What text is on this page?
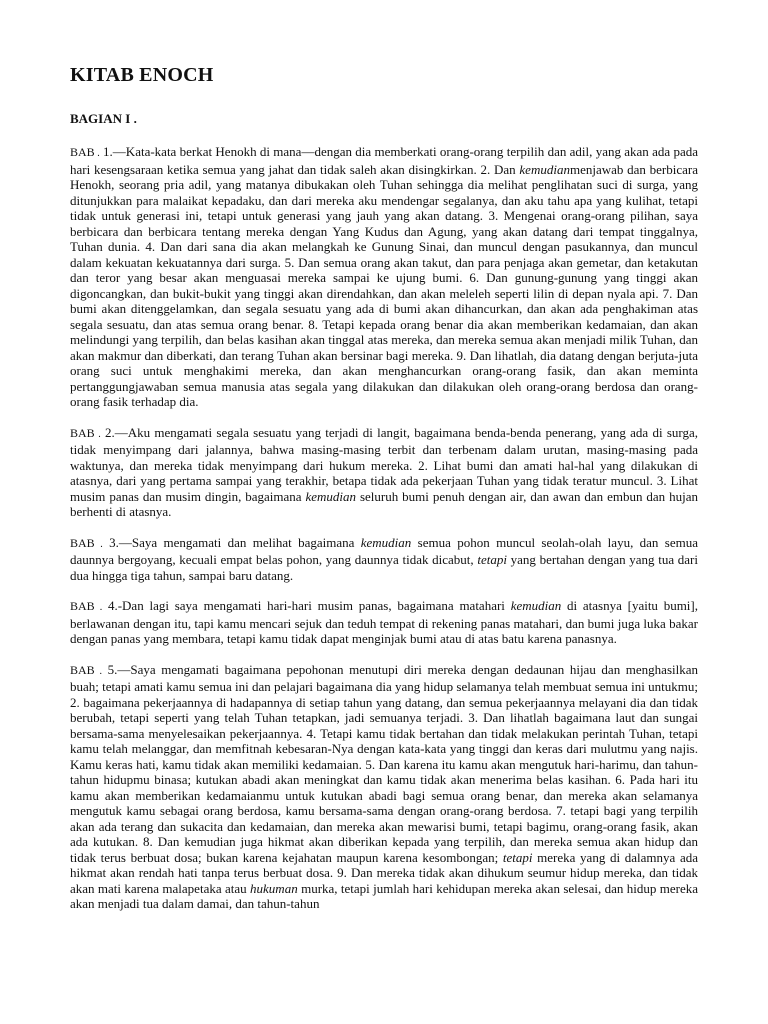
KITAB ENOCH
BAGIAN I .

BAB . 1.—Kata-kata berkat Henokh di mana—dengan dia memberkati orang-orang terpilih dan adil, yang akan ada pada hari kesengsaraan ketika semua yang jahat dan tidak saleh akan disingkirkan. 2. Dan kemudianmenjawab dan berbicara Henokh, seorang pria adil, yang matanya dibukakan oleh Tuhan sehingga dia melihat penglihatan suci di surga, yang ditunjukkan para malaikat kepadaku, dan dari mereka aku mendengar segalanya, dan aku tahu apa yang kulihat, tetapi tidak untuk generasi ini, tetapi untuk generasi yang jauh yang akan datang. 3. Mengenai orang-orang pilihan, saya berbicara dan berbicara tentang mereka dengan Yang Kudus dan Agung, yang akan datang dari tempat tinggalnya, Tuhan dunia. 4. Dan dari sana dia akan melangkah ke Gunung Sinai, dan muncul dengan pasukannya, dan muncul dalam kekuatan kekuatannya dari surga. 5. Dan semua orang akan takut, dan para penjaga akan gemetar, dan ketakutan dan teror yang besar akan menguasai mereka sampai ke ujung bumi. 6. Dan gunung-gunung yang tinggi akan digoncangkan, dan bukit-bukit yang tinggi akan direndahkan, dan akan meleleh seperti lilin di depan nyala api. 7. Dan bumi akan ditenggelamkan, dan segala sesuatu yang ada di bumi akan dihancurkan, dan akan ada penghakiman atas segala sesuatu, dan atas semua orang benar. 8. Tetapi kepada orang benar dia akan memberikan kedamaian, dan akan melindungi yang terpilih, dan belas kasihan akan tinggal atas mereka, dan mereka semua akan menjadi milik Tuhan, dan akan makmur dan diberkati, dan terang Tuhan akan bersinar bagi mereka. 9. Dan lihatlah, dia datang dengan berjuta-juta orang suci untuk menghakimi mereka, dan akan menghancurkan orang-orang fasik, dan akan meminta pertanggungjawaban semua manusia atas segala yang dilakukan dan dilakukan oleh orang-orang berdosa dan orang-orang fasik terhadap dia.

BAB . 2.—Aku mengamati segala sesuatu yang terjadi di langit, bagaimana benda-benda penerang, yang ada di surga, tidak menyimpang dari jalannya, bahwa masing-masing terbit dan terbenam dalam urutan, masing-masing pada waktunya, dan mereka tidak menyimpang dari hukum mereka. 2. Lihat bumi dan amati hal-hal yang dilakukan di atasnya, dari yang pertama sampai yang terakhir, betapa tidak ada pekerjaan Tuhan yang tidak teratur muncul. 3. Lihat musim panas dan musim dingin, bagaimana kemudian seluruh bumi penuh dengan air, dan awan dan embun dan hujan berhenti di atasnya.

BAB . 3.—Saya mengamati dan melihat bagaimana kemudian semua pohon muncul seolah-olah layu, dan semua daunnya bergoyang, kecuali empat belas pohon, yang daunnya tidak dicabut, tetapi yang bertahan dengan yang tua dari dua hingga tiga tahun, sampai baru datang.

BAB . 4.-Dan lagi saya mengamati hari-hari musim panas, bagaimana matahari kemudian di atasnya [yaitu bumi], berlawanan dengan itu, tapi kamu mencari sejuk dan teduh tempat di rekening panas matahari, dan bumi juga luka bakar dengan panas yang membara, tetapi kamu tidak dapat menginjak bumi atau di atas batu karena panasnya.

BAB . 5.—Saya mengamati bagaimana pepohonan menutupi diri mereka dengan dedaunan hijau dan menghasilkan buah; tetapi amati kamu semua ini dan pelajari bagaimana dia yang hidup selamanya telah membuat semua ini untukmu; 2. bagaimana pekerjaannya di hadapannya di setiap tahun yang datang, dan semua pekerjaannya melayani dia dan tidak berubah, tetapi seperti yang telah Tuhan tetapkan, jadi semuanya terjadi. 3. Dan lihatlah bagaimana laut dan sungai bersama-sama menyelesaikan pekerjaannya. 4. Tetapi kamu tidak bertahan dan tidak melakukan perintah Tuhan, tetapi kamu telah melanggar, dan memfitnah kebesaran-Nya dengan kata-kata yang tinggi dan keras dari mulutmu yang najis. Kamu keras hati, kamu tidak akan memiliki kedamaian. 5. Dan karena itu kamu akan mengutuk hari-harimu, dan tahun-tahun hidupmu binasa; kutukan abadi akan meningkat dan kamu tidak akan menerima belas kasihan. 6. Pada hari itu kamu akan memberikan kedamaianmu untuk kutukan abadi bagi semua orang benar, dan mereka akan selamanya mengutuk kamu sebagai orang berdosa, kamu bersama-sama dengan orang-orang berdosa. 7. tetapi bagi yang terpilih akan ada terang dan sukacita dan kedamaian, dan mereka akan mewarisi bumi, tetapi bagimu, orang-orang fasik, akan ada kutukan. 8. Dan kemudian juga hikmat akan diberikan kepada yang terpilih, dan mereka semua akan hidup dan tidak terus berbuat dosa; bukan karena kejahatan maupun karena kesombongan; tetapi mereka yang di dalamnya ada hikmat akan rendah hati tanpa terus berbuat dosa. 9. Dan mereka tidak akan dihukum seumur hidup mereka, dan tidak akan mati karena malapetaka atau hukuman murka, tetapi jumlah hari kehidupan mereka akan selesai, dan hidup mereka akan menjadi tua dalam damai, dan tahun-tahun
